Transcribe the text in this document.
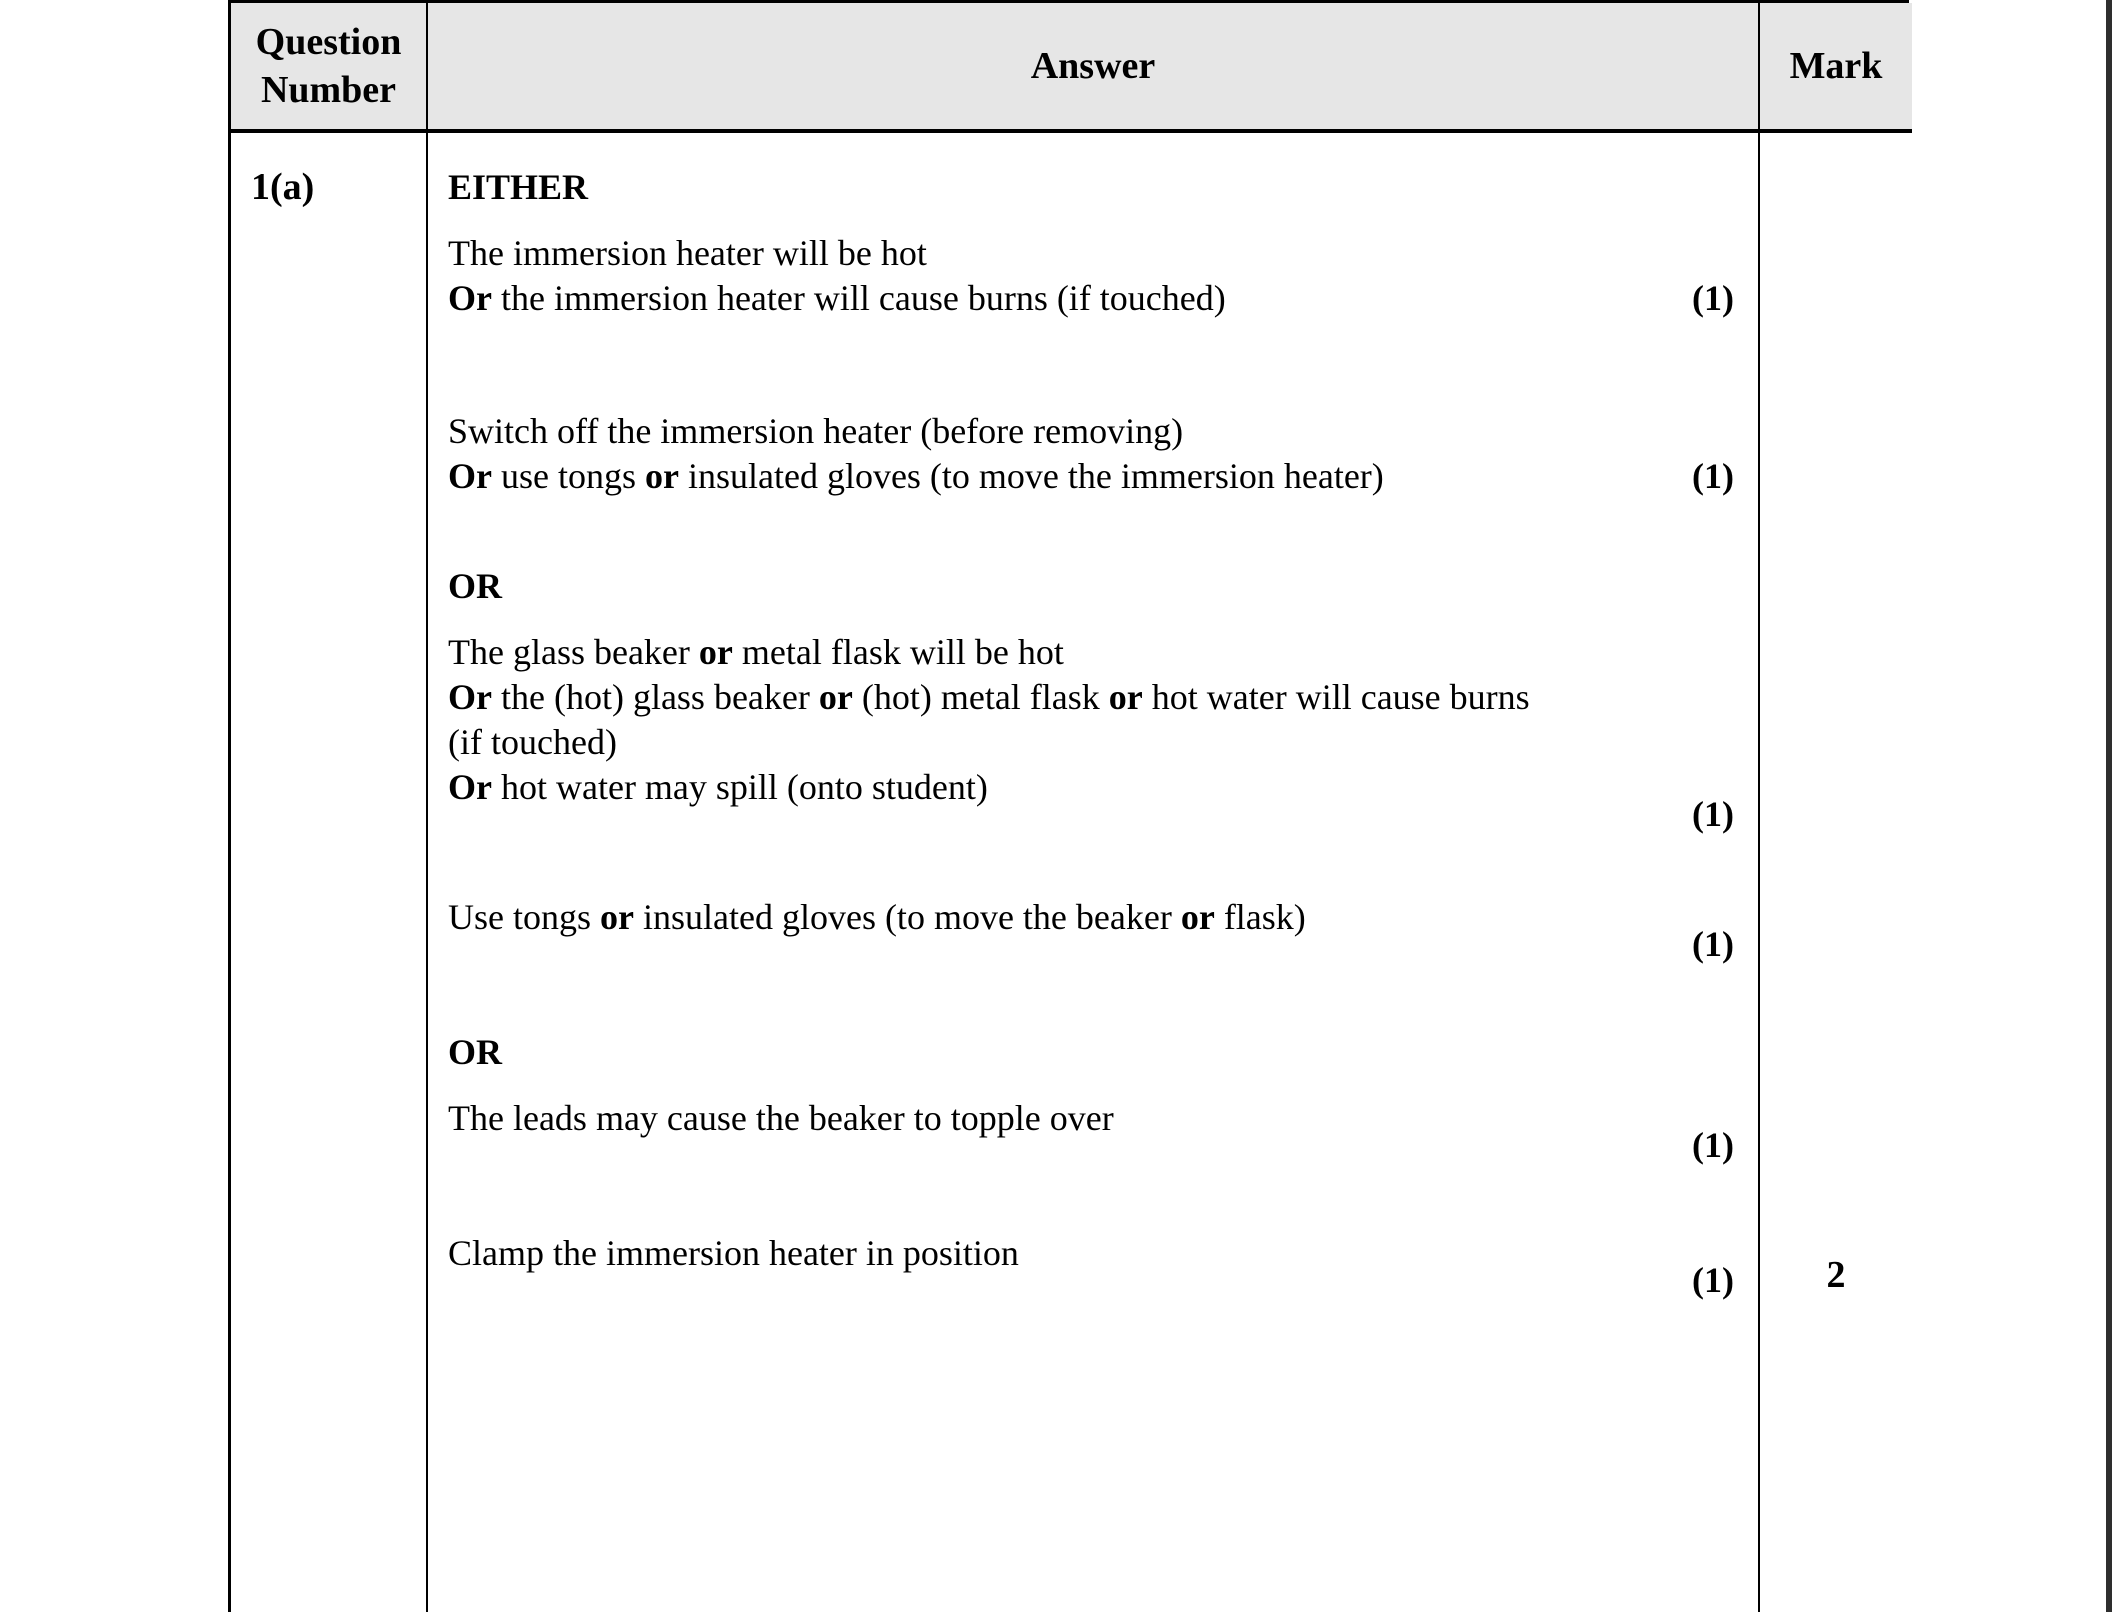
Question Number
Answer	Mark
1(a)	EITHER
The immersion heater will be hot
Or the immersion heater will cause burns (if touched)	(1)
Switch off the immersion heater (before removing)
Or use tongs or insulated gloves (to move the immersion heater)	(1)
OR
The glass beaker or metal flask will be hot
Or the (hot) glass beaker or (hot) metal flask or hot water will cause burns
(if touched)
Or hot water may spill (onto student)
(1)
Use tongs or insulated gloves (to move the beaker or flask)
(1)
OR
The leads may cause the beaker to topple over
(1)
Clamp the immersion heater in position
(1)	2
